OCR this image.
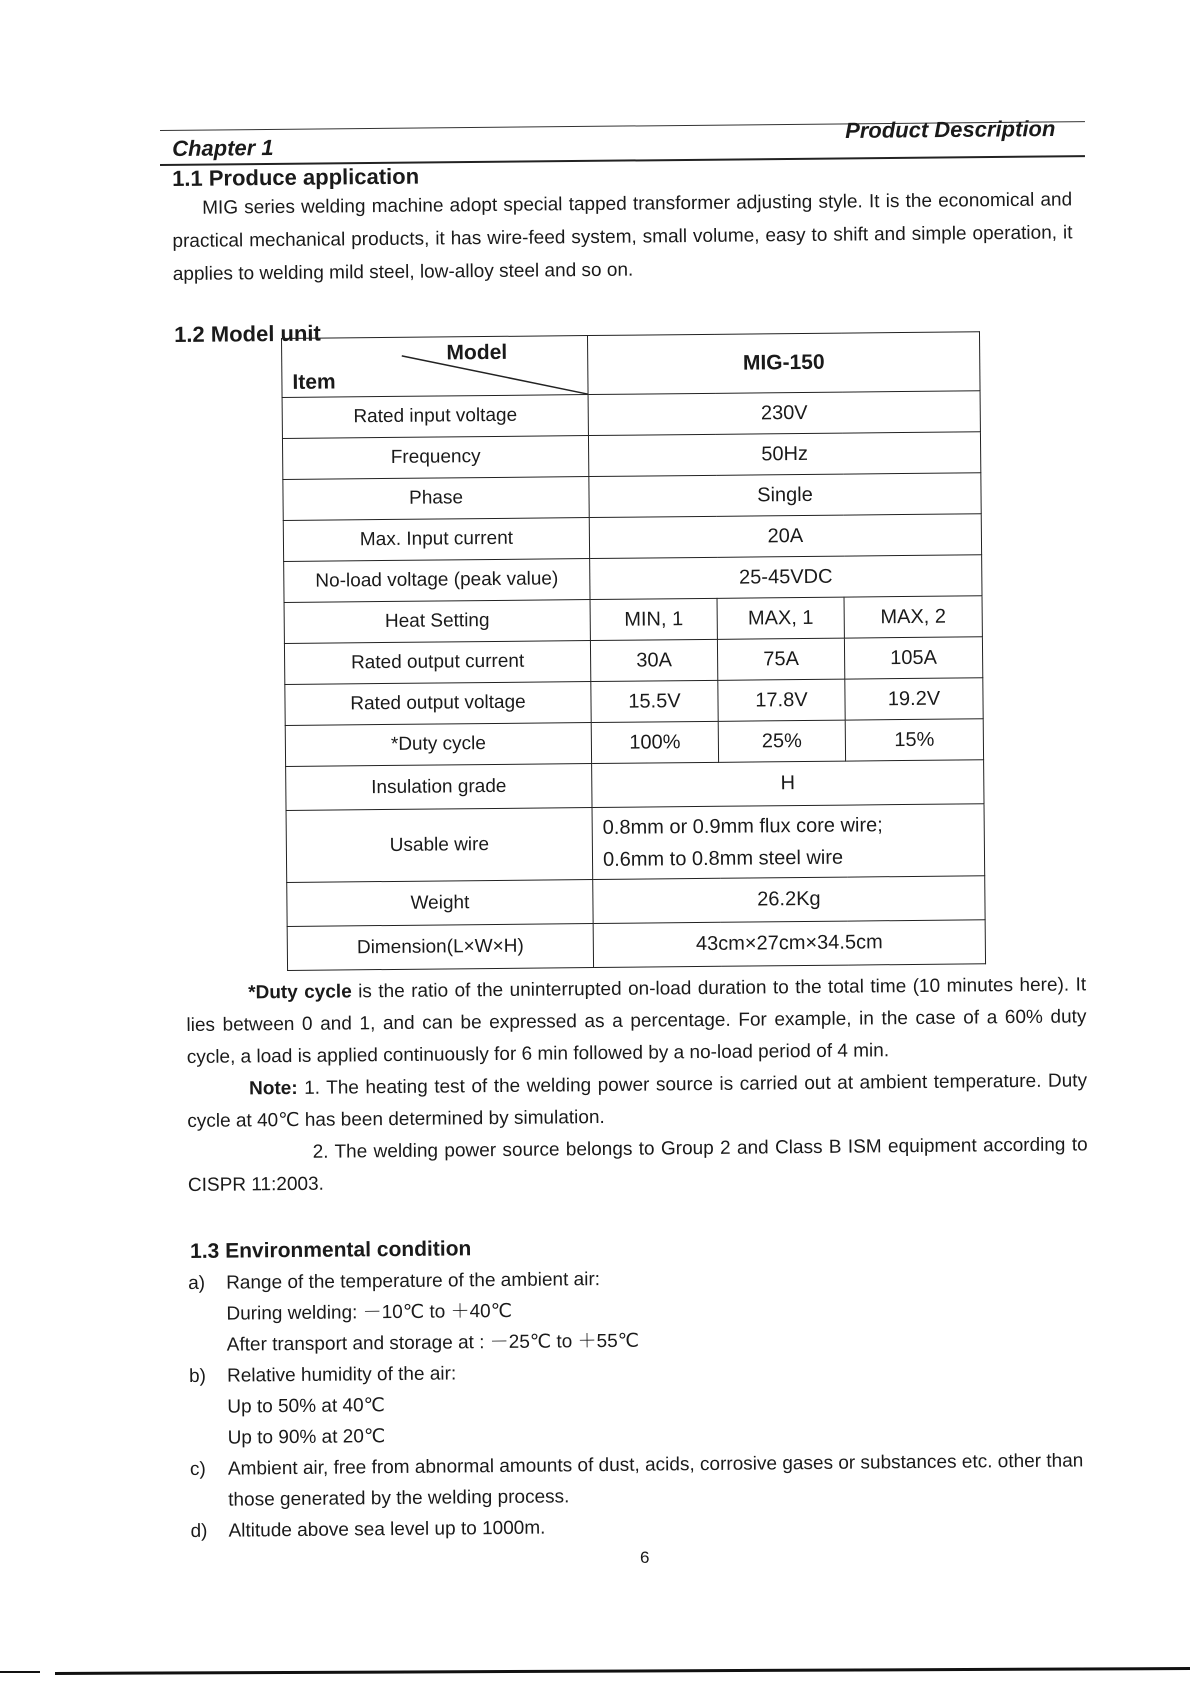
Chapter 1
Product Description
1.1 Produce application
MIG series welding machine adopt special tapped transformer adjusting style. It is the economical and practical mechanical products, it has wire-feed system, small volume, easy to shift and simple operation, it applies to welding mild steel, low-alloy steel and so on.
1.2 Model unit
Model
Item	MIG-150		
Rated input voltage	230V		
Frequency	50Hz		
Phase	Single		
Max. Input current	20A		
No-load voltage (peak value)	25-45VDC		
Heat Setting	MIN, 1	MAX, 1	MAX, 2
Rated output current	30A	75A	105A
Rated output voltage	15.5V	17.8V	19.2V
*Duty cycle	100%	25%	15%
Insulation grade	H		
Usable wire	0.8mm or 0.9mm flux core wire;
0.6mm to 0.8mm steel wire		

Weight	26.2Kg		
Dimension(L×W×H)	43cm×27cm×34.5cm		

*Duty cycle is the ratio of the uninterrupted on-load duration to the total time (10 minutes here). It lies between 0 and 1, and can be expressed as a percentage. For example, in the case of a 60% duty cycle, a load is applied continuously for 6 min followed by a no-load period of 4 min.

Note: 1. The heating test of the welding power source is carried out at ambient temperature. Duty cycle at 40℃ has been determined by simulation.

2. The welding power source belongs to Group 2 and Class B ISM equipment according to CISPR 11:2003.

1.3 Environmental condition
a)	Range of the temperature of the ambient air:
During welding: －10℃ to ＋40℃
After transport and storage at : －25℃ to ＋55℃
b)	Relative humidity of the air:
Up to 50% at 40℃
Up to 90% at 20℃
c)	Ambient air, free from abnormal amounts of dust, acids, corrosive gases or substances etc. other than those generated by the welding process.
d)	Altitude above sea level up to 1000m.
6
